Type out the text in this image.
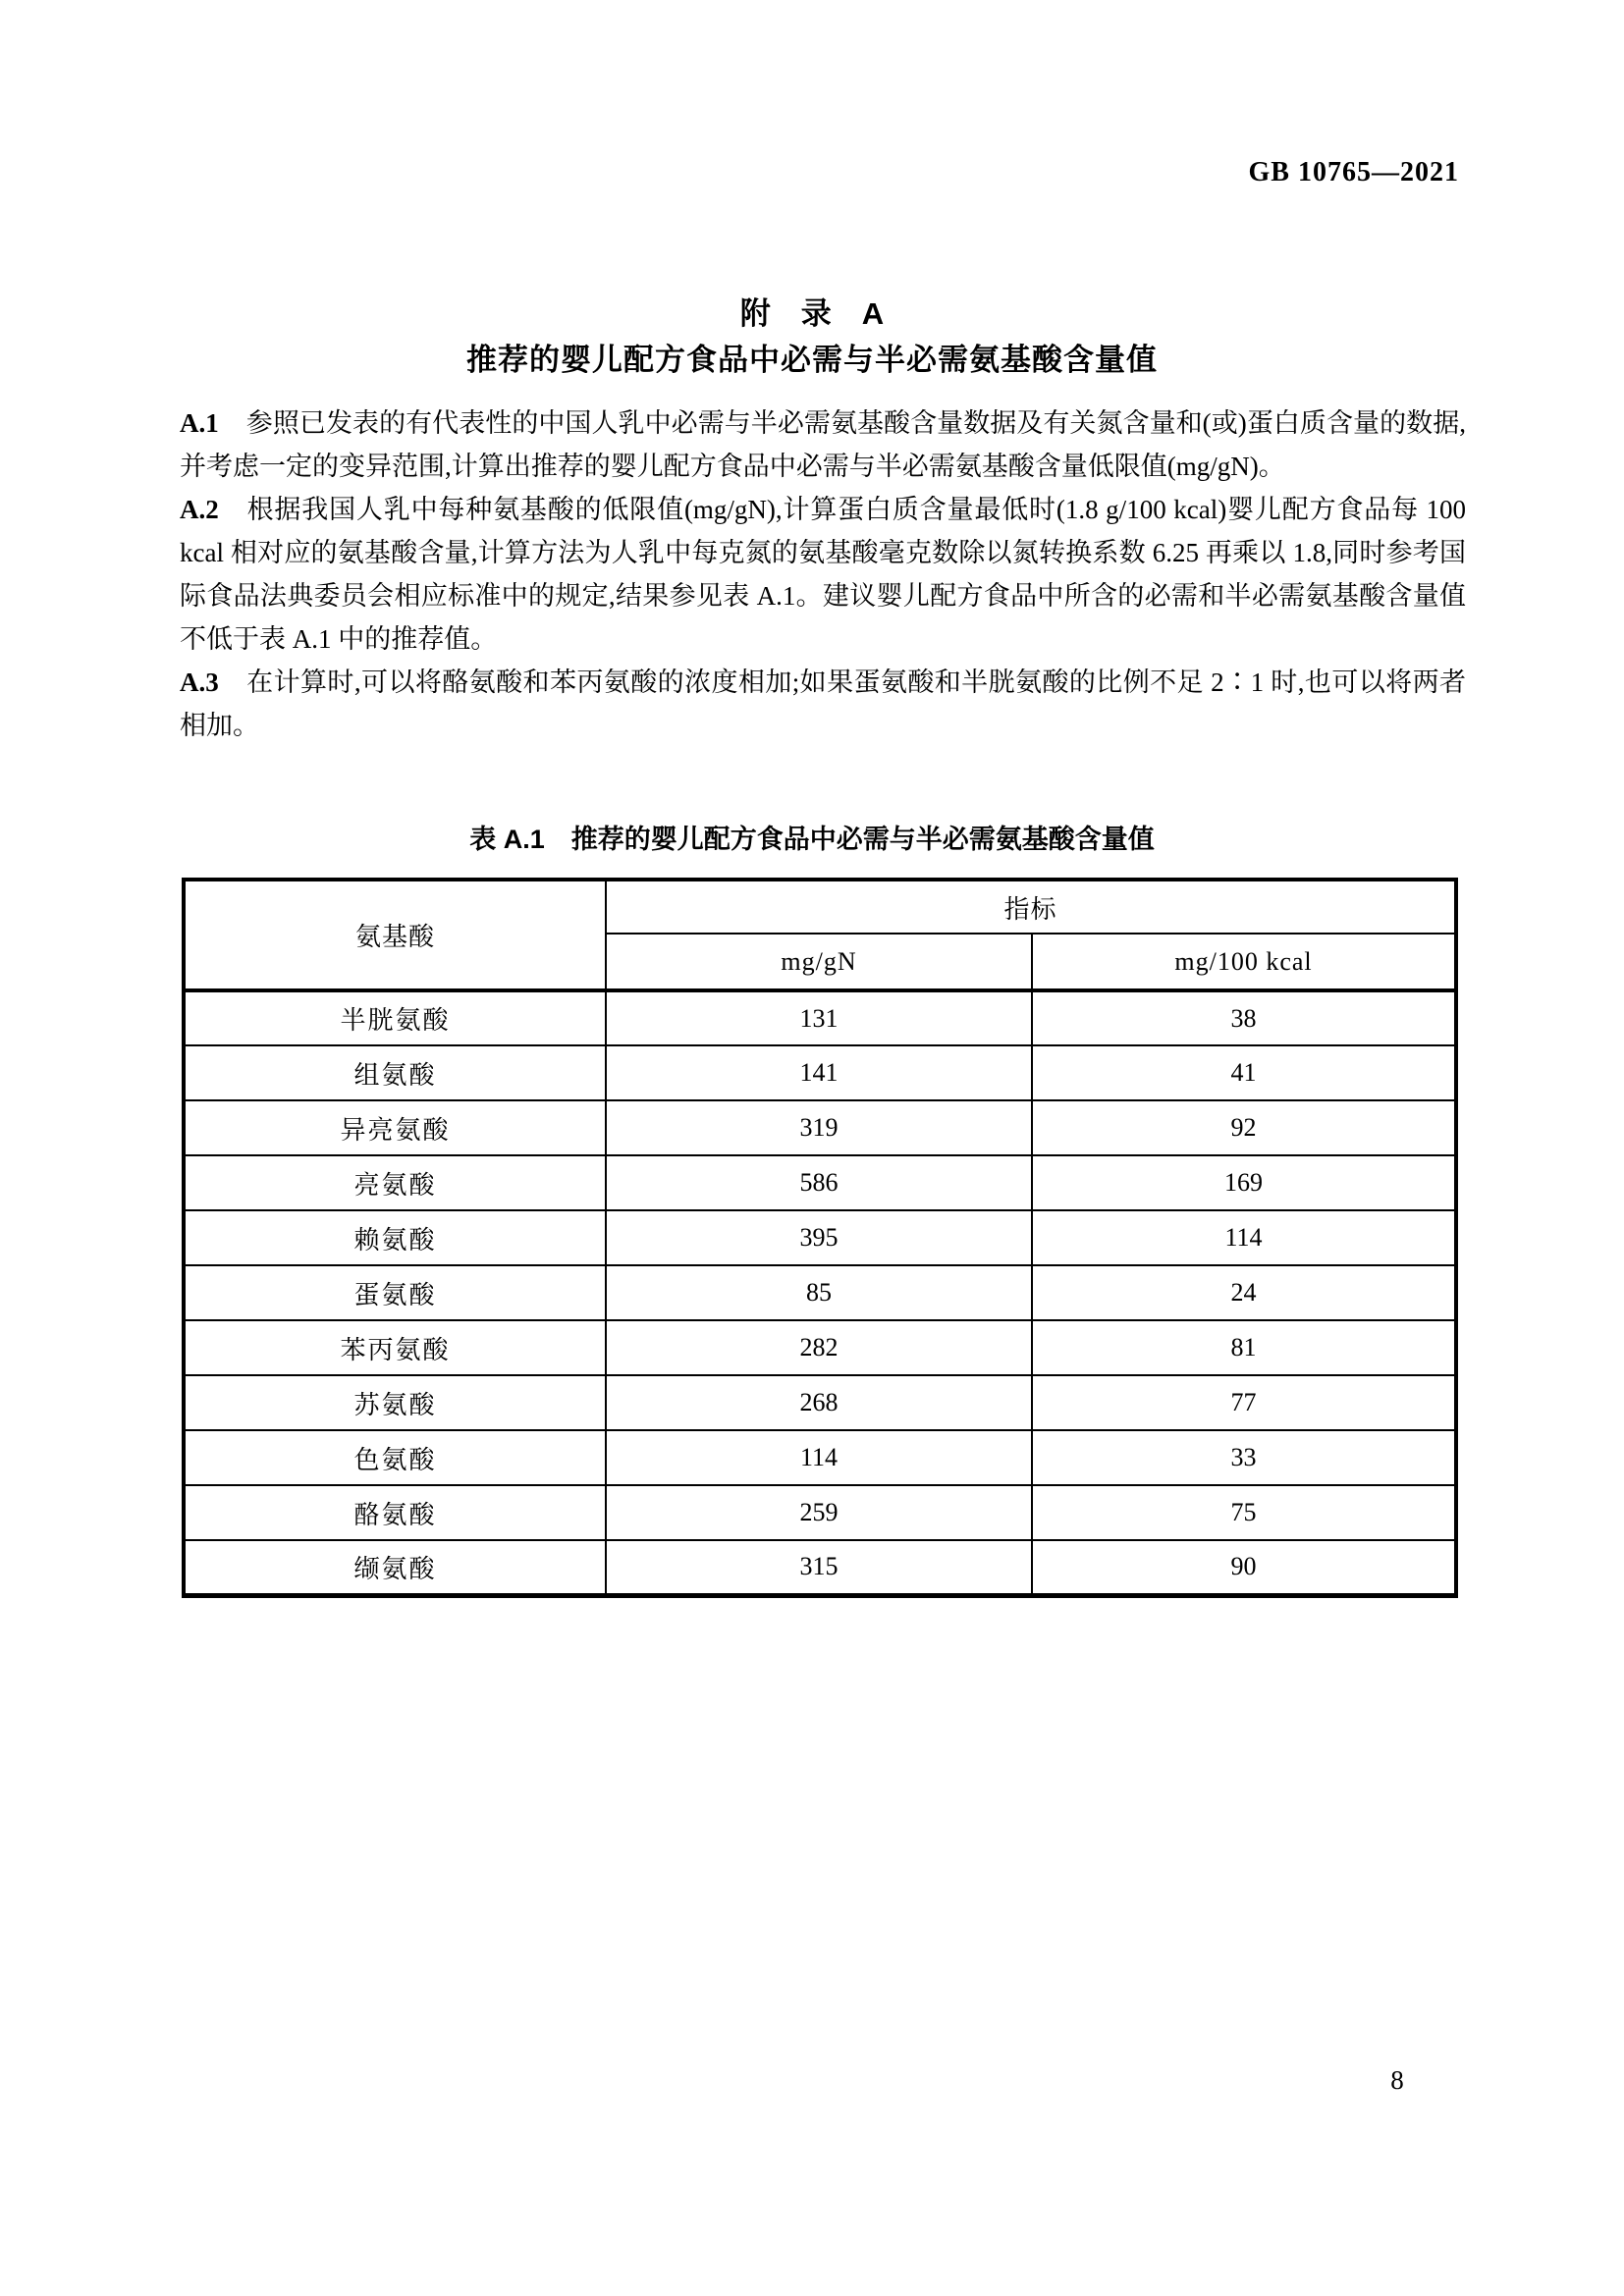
GB 10765—2021
附　录　A
推荐的婴儿配方食品中必需与半必需氨基酸含量值

A.1 参照已发表的有代表性的中国人乳中必需与半必需氨基酸含量数据及有关氮含量和(或)蛋白质含量的数据,并考虑一定的变异范围,计算出推荐的婴儿配方食品中必需与半必需氨基酸含量低限值(mg/gN)。

A.2 根据我国人乳中每种氨基酸的低限值(mg/gN),计算蛋白质含量最低时(1.8 g/100 kcal)婴儿配方食品每 100 kcal 相对应的氨基酸含量,计算方法为人乳中每克氮的氨基酸毫克数除以氮转换系数 6.25 再乘以 1.8,同时参考国际食品法典委员会相应标准中的规定,结果参见表 A.1。建议婴儿配方食品中所含的必需和半必需氨基酸含量值不低于表 A.1 中的推荐值。

A.3 在计算时,可以将酪氨酸和苯丙氨酸的浓度相加;如果蛋氨酸和半胱氨酸的比例不足 2∶1 时,也可以将两者相加。

表 A.1　推荐的婴儿配方食品中必需与半必需氨基酸含量值
氨基酸	指标	
	mg/gN	mg/100 kcal
半胱氨酸	131	38
组氨酸	141	41
异亮氨酸	319	92
亮氨酸	586	169
赖氨酸	395	114
蛋氨酸	85	24
苯丙氨酸	282	81
苏氨酸	268	77
色氨酸	114	33
酪氨酸	259	75
缬氨酸	315	90
8
